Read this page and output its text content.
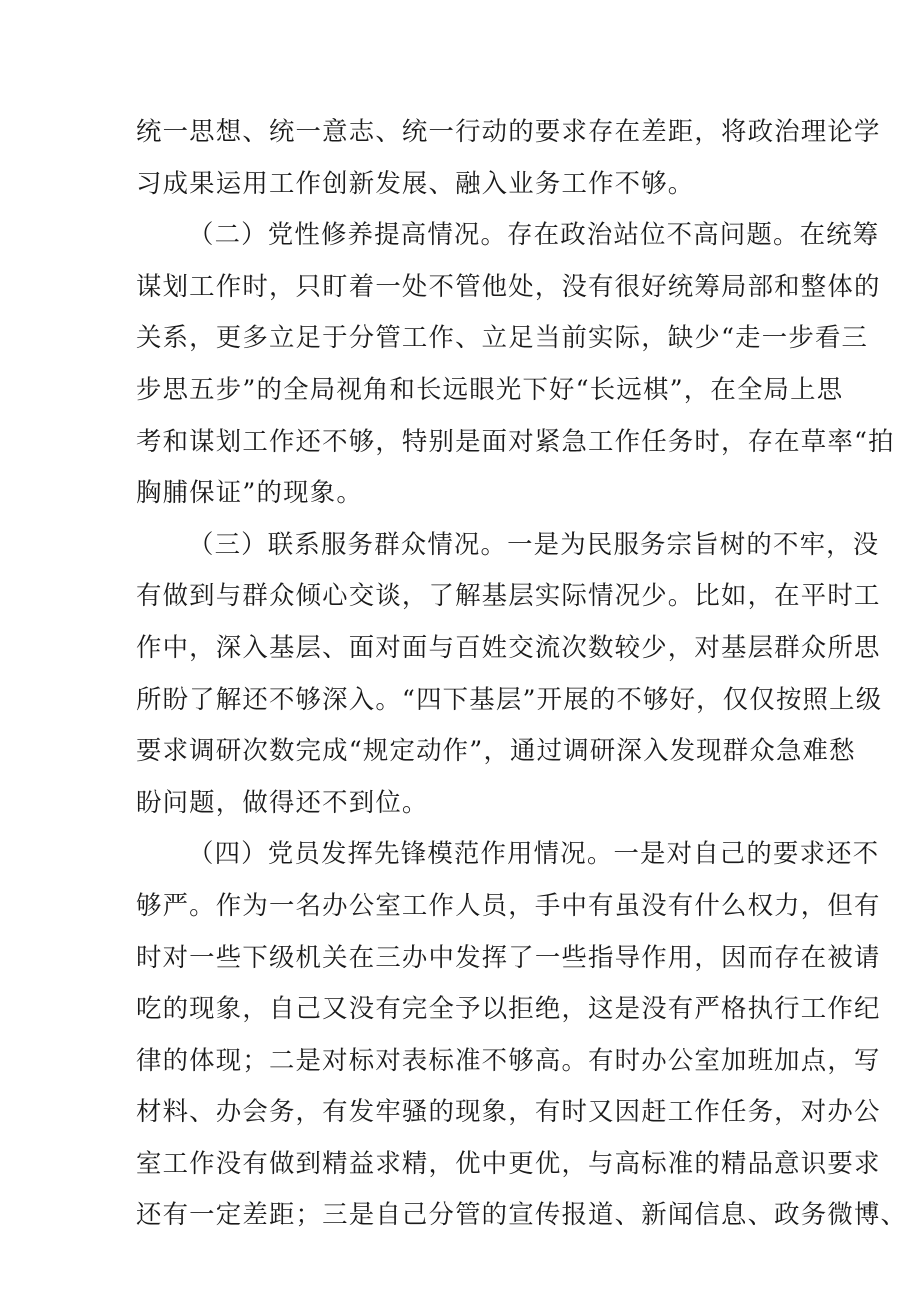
统一思想、统一意志、统一行动的要求存在差距，将政治理论学
习成果运用工作创新发展、融入业务工作不够。
（二）党性修养提高情况。存在政治站位不高问题。在统筹
谋划工作时，只盯着一处不管他处，没有很好统筹局部和整体的
关系，更多立足于分管工作、立足当前实际，缺少“走一步看三
步思五步”的全局视角和长远眼光下好“长远棋”，在全局上思
考和谋划工作还不够，特别是面对紧急工作任务时，存在草率“拍
胸脯保证”的现象。
（三）联系服务群众情况。一是为民服务宗旨树的不牢，没
有做到与群众倾心交谈，了解基层实际情况少。比如，在平时工
作中，深入基层、面对面与百姓交流次数较少，对基层群众所思
所盼了解还不够深入。“四下基层”开展的不够好，仅仅按照上级
要求调研次数完成“规定动作”，通过调研深入发现群众急难愁
盼问题，做得还不到位。
（四）党员发挥先锋模范作用情况。一是对自己的要求还不
够严。作为一名办公室工作人员，手中有虽没有什么权力，但有
时对一些下级机关在三办中发挥了一些指导作用，因而存在被请
吃的现象，自己又没有完全予以拒绝，这是没有严格执行工作纪
律的体现；二是对标对表标准不够高。有时办公室加班加点，写
材料、办会务，有发牢骚的现象，有时又因赶工作任务，对办公
室工作没有做到精益求精，优中更优，与高标准的精品意识要求
还有一定差距；三是自己分管的宣传报道、新闻信息、政务微博、
